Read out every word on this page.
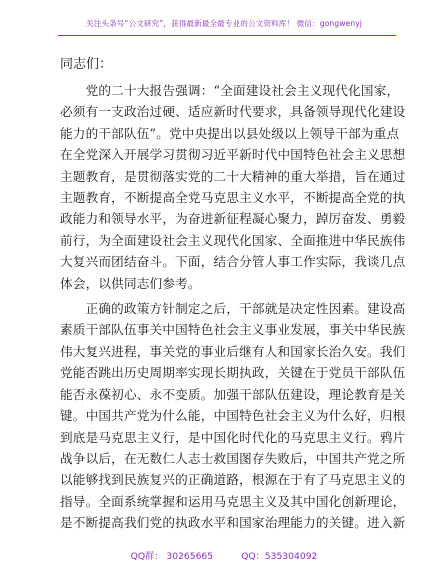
关注头条号“公文研究”，获得最新最全最专业的公文资料库！ 微信：gongwenyj
同志们：
　　党的二十大报告强调：“全面建设社会主义现代化国家，
必须有一支政治过硬、适应新时代要求，具备领导现代化建设
能力的干部队伍”。党中央提出以县处级以上领导干部为重点
在全党深入开展学习贯彻习近平新时代中国特色社会主义思想
主题教育，是贯彻落实党的二十大精神的重大举措，旨在通过
主题教育，不断提高全党马克思主义水平，不断提高全党的执
政能力和领导水平，为奋进新征程凝心聚力，踔厉奋发、勇毅
前行，为全面建设社会主义现代化国家、全面推进中华民族伟
大复兴而团结奋斗。下面，结合分管人事工作实际，我谈几点
体会，以供同志们参考。
　　正确的政策方针制定之后，干部就是决定性因素。建设高
素质干部队伍事关中国特色社会主义事业发展，事关中华民族
伟大复兴进程，事关党的事业后继有人和国家长治久安。我们
党能否跳出历史周期率实现长期执政，关键在于党员干部队伍
能否永葆初心、永不变质。加强干部队伍建设，理论教育是关
键。中国共产党为什么能，中国特色社会主义为什么好，归根
到底是马克思主义行，是中国化时代化的马克思主义行。鸦片
战争以后，在无数仁人志士救国图存失败后，中国共产党之所
以能够找到民族复兴的正确道路，根源在于有了马克思主义的
指导。全面系统掌握和运用马克思主义及其中国化创新理论，
是不断提高我们党的执政水平和国家治理能力的关键。进入新
QQ群： 30265665	QQ：535304092
